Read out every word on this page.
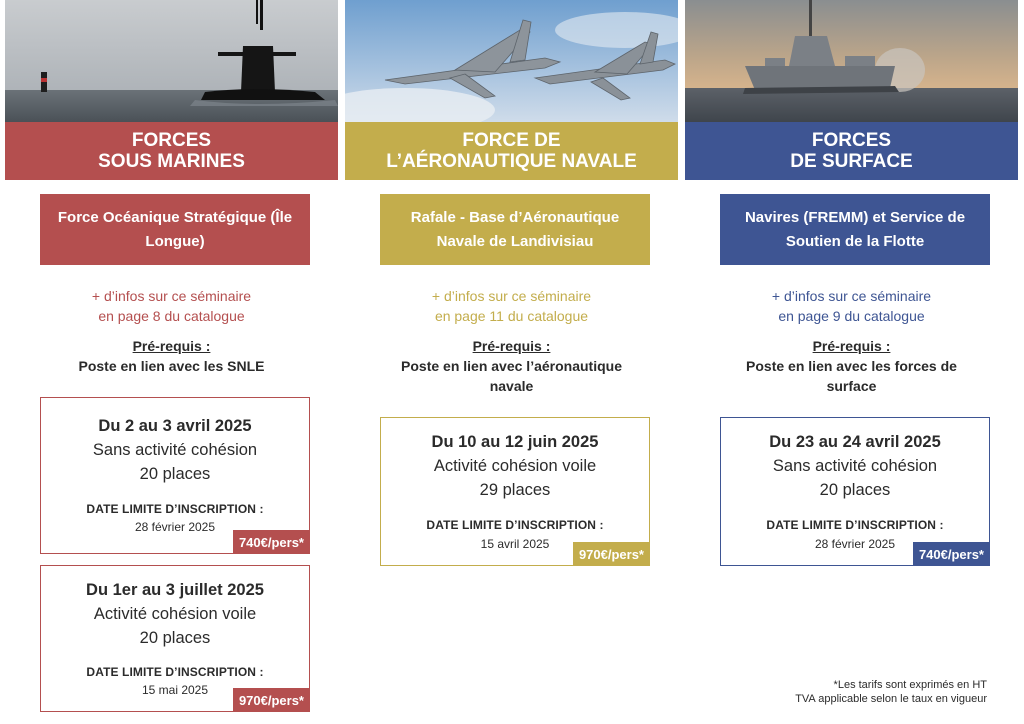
FORCES
SOUS MARINES
Force Océanique Stratégique (Île Longue)
+ d’infos sur ce séminaire
en page 8 du catalogue
Pré-requis :
Poste en lien avec les SNLE
Du 2 au 3 avril 2025
Sans activité cohésion
20 places
DATE LIMITE D’INSCRIPTION :
28 février 2025
740€/pers*
Du 1er au 3 juillet 2025
Activité cohésion voile
20 places
DATE LIMITE D’INSCRIPTION :
15 mai 2025
970€/pers*
FORCE DE
L’AÉRONAUTIQUE NAVALE
Rafale - Base d’Aéronautique Navale de Landivisiau
+ d’infos sur ce séminaire
en page 11 du catalogue
Pré-requis :
Poste en lien avec l’aéronautique navale
Du 10 au 12 juin 2025
Activité cohésion voile
29 places
DATE LIMITE D’INSCRIPTION :
15 avril 2025
970€/pers*
FORCES
DE SURFACE
Navires (FREMM) et Service de Soutien de la Flotte
+ d’infos sur ce séminaire
en page 9 du catalogue
Pré-requis :
Poste en lien avec les forces de surface
Du 23 au 24 avril 2025
Sans activité cohésion
20 places
DATE LIMITE D’INSCRIPTION :
28 février 2025
740€/pers*
*Les tarifs sont exprimés en HT
TVA applicable selon le taux en vigueur
